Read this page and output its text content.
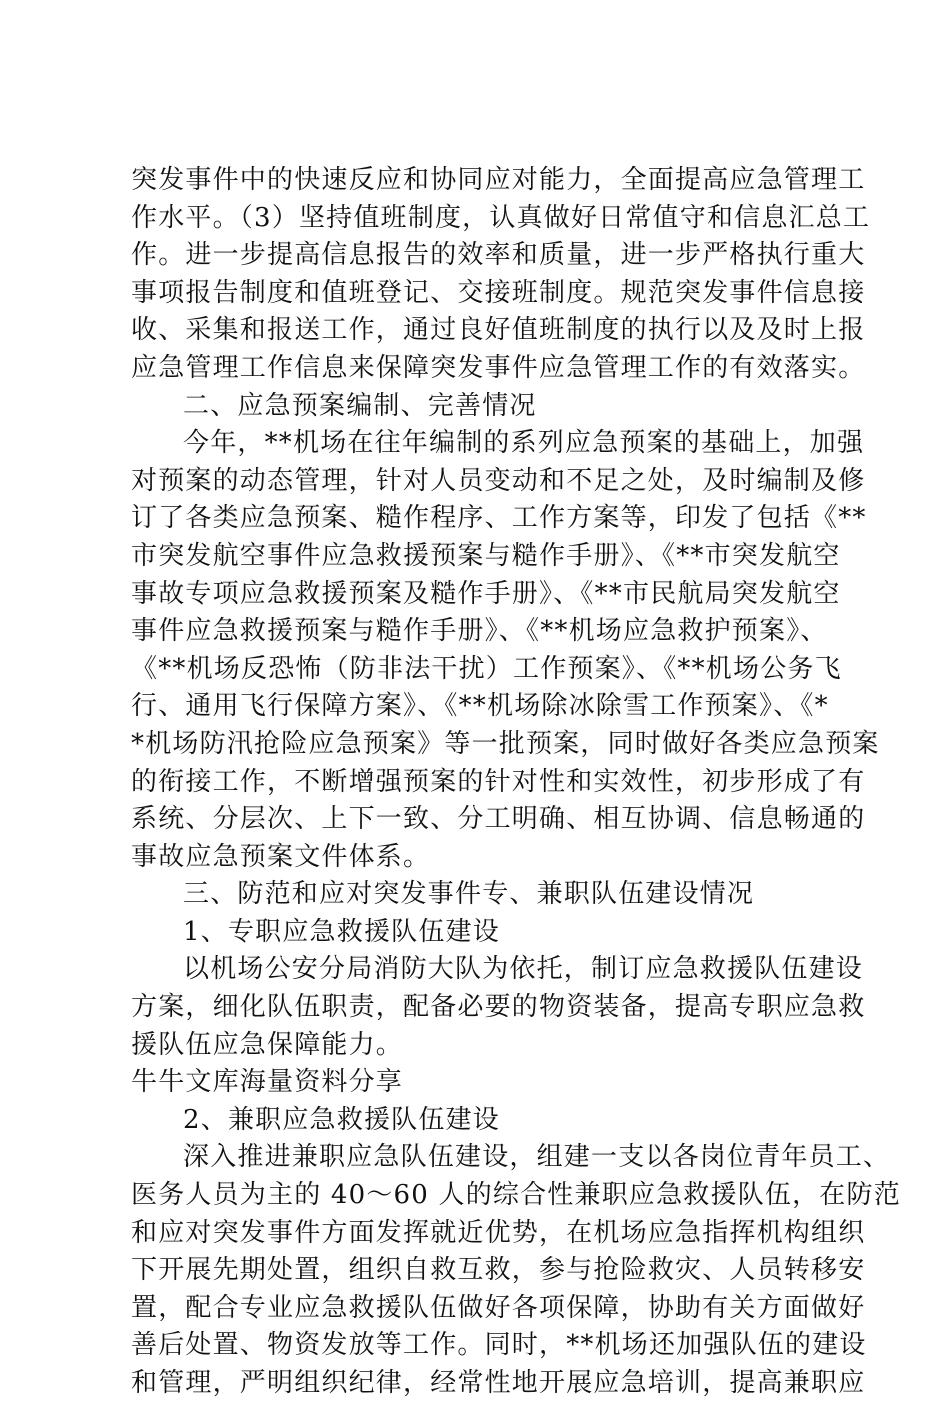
突发事件中的快速反应和协同应对能力，全面提高应急管理工
作水平。（3）坚持值班制度，认真做好日常值守和信息汇总工
作。进一步提高信息报告的效率和质量，进一步严格执行重大
事项报告制度和值班登记、交接班制度。规范突发事件信息接
收、采集和报送工作，通过良好值班制度的执行以及及时上报
应急管理工作信息来保障突发事件应急管理工作的有效落实。
二、应急预案编制、完善情况
今年，**机场在往年编制的系列应急预案的基础上，加强
对预案的动态管理，针对人员变动和不足之处，及时编制及修
订了各类应急预案、糙作程序、工作方案等，印发了包括《**
市突发航空事件应急救援预案与糙作手册》、《**市突发航空
事故专项应急救援预案及糙作手册》、《**市民航局突发航空
事件应急救援预案与糙作手册》、《**机场应急救护预案》、
《**机场反恐怖（防非法干扰）工作预案》、《**机场公务飞
行、通用飞行保障方案》、《**机场除冰除雪工作预案》、《*
*机场防汛抢险应急预案》等一批预案，同时做好各类应急预案
的衔接工作，不断增强预案的针对性和实效性，初步形成了有
系统、分层次、上下一致、分工明确、相互协调、信息畅通的
事故应急预案文件体系。
三、防范和应对突发事件专、兼职队伍建设情况
1、专职应急救援队伍建设
以机场公安分局消防大队为依托，制订应急救援队伍建设
方案，细化队伍职责，配备必要的物资装备，提高专职应急救
援队伍应急保障能力。
牛牛文库海量资料分享
2、兼职应急救援队伍建设
深入推进兼职应急队伍建设，组建一支以各岗位青年员工、
医务人员为主的 40～60 人的综合性兼职应急救援队伍，在防范
和应对突发事件方面发挥就近优势，在机场应急指挥机构组织
下开展先期处置，组织自救互救，参与抢险救灾、人员转移安
置，配合专业应急救援队伍做好各项保障，协助有关方面做好
善后处置、物资发放等工作。同时，**机场还加强队伍的建设
和管理，严明组织纪律，经常性地开展应急培训，提高兼职应
